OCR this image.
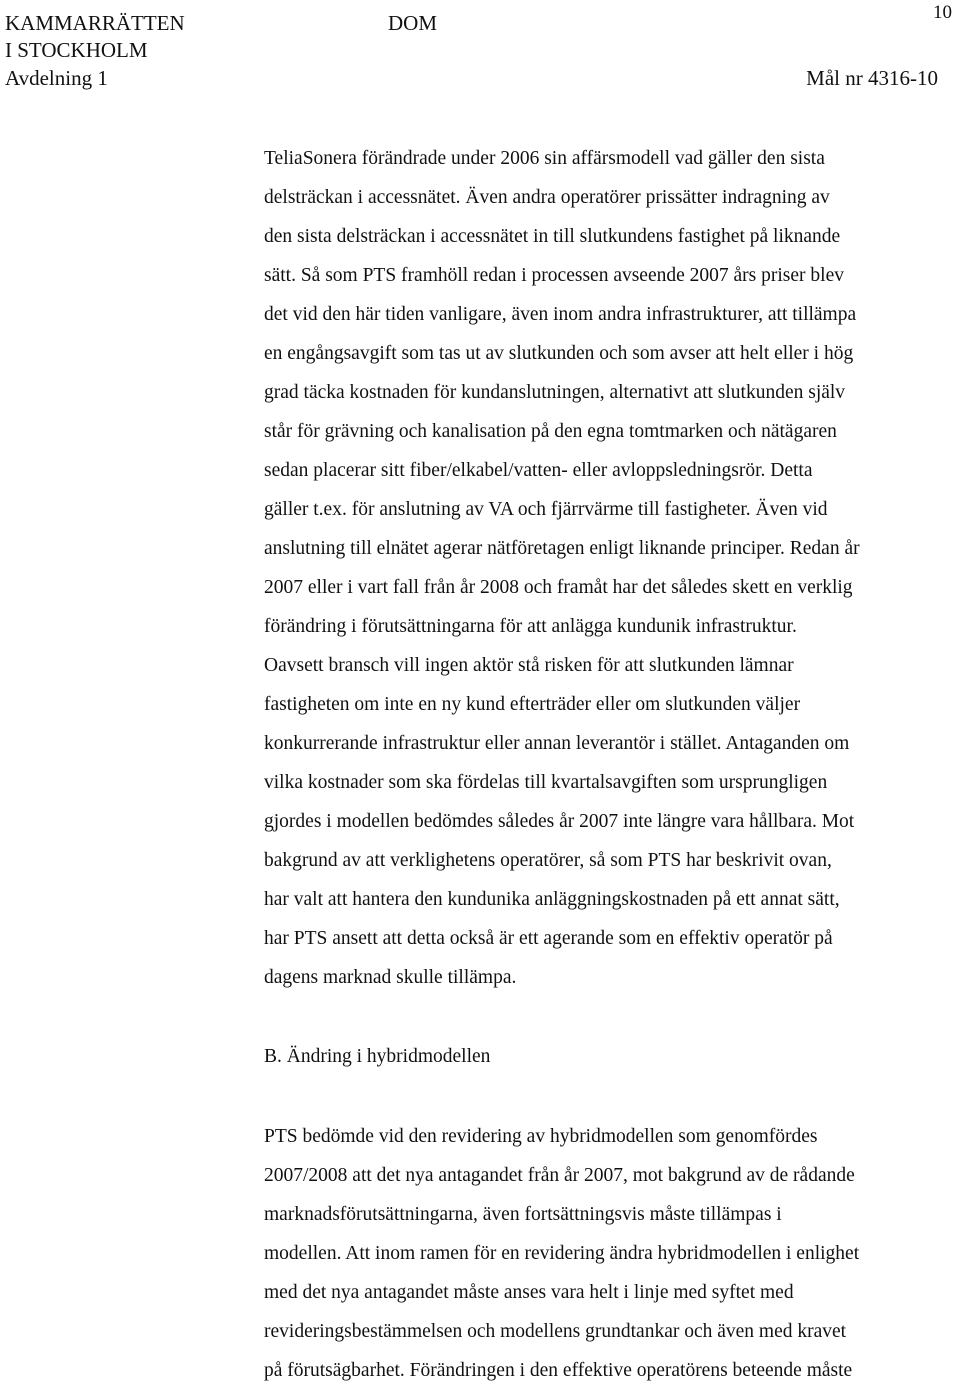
KAMMARRÄTTEN
I STOCKHOLM
DOM	10
Avdelning 1	Mål nr 4316-10
TeliaSonera förändrade under 2006 sin affärsmodell vad gäller den sista
delsträckan i accessnätet. Även andra operatörer prissätter indragning av
den sista delsträckan i accessnätet in till slutkundens fastighet på liknande
sätt. Så som PTS framhöll redan i processen avseende 2007 års priser blev
det vid den här tiden vanligare, även inom andra infrastrukturer, att tillämpa
en engångsavgift som tas ut av slutkunden och som avser att helt eller i hög
grad täcka kostnaden för kundanslutningen, alternativt att slutkunden själv
står för grävning och kanalisation på den egna tomtmarken och nätägaren
sedan placerar sitt fiber/elkabel/vatten- eller avloppsledningsrör. Detta
gäller t.ex. för anslutning av VA och fjärrvärme till fastigheter. Även vid
anslutning till elnätet agerar nätföretagen enligt liknande principer. Redan år
2007 eller i vart fall från år 2008 och framåt har det således skett en verklig
förändring i förutsättningarna för att anlägga kundunik infrastruktur.
Oavsett bransch vill ingen aktör stå risken för att slutkunden lämnar
fastigheten om inte en ny kund efterträder eller om slutkunden väljer
konkurrerande infrastruktur eller annan leverantör i stället. Antaganden om
vilka kostnader som ska fördelas till kvartalsavgiften som ursprungligen
gjordes i modellen bedömdes således år 2007 inte längre vara hållbara. Mot
bakgrund av att verklighetens operatörer, så som PTS har beskrivit ovan,
har valt att hantera den kundunika anläggningskostnaden på ett annat sätt,
har PTS ansett att detta också är ett agerande som en effektiv operatör på
dagens marknad skulle tillämpa.
B. Ändring i hybridmodellen
PTS bedömde vid den revidering av hybridmodellen som genomfördes
2007/2008 att det nya antagandet från år 2007, mot bakgrund av de rådande
marknadsförutsättningarna, även fortsättningsvis måste tillämpas i
modellen. Att inom ramen för en revidering ändra hybridmodellen i enlighet
med det nya antagandet måste anses vara helt i linje med syftet med
revideringsbestämmelsen och modellens grundtankar och även med kravet
på förutsägbarhet. Förändringen i den effektive operatörens beteende måste
